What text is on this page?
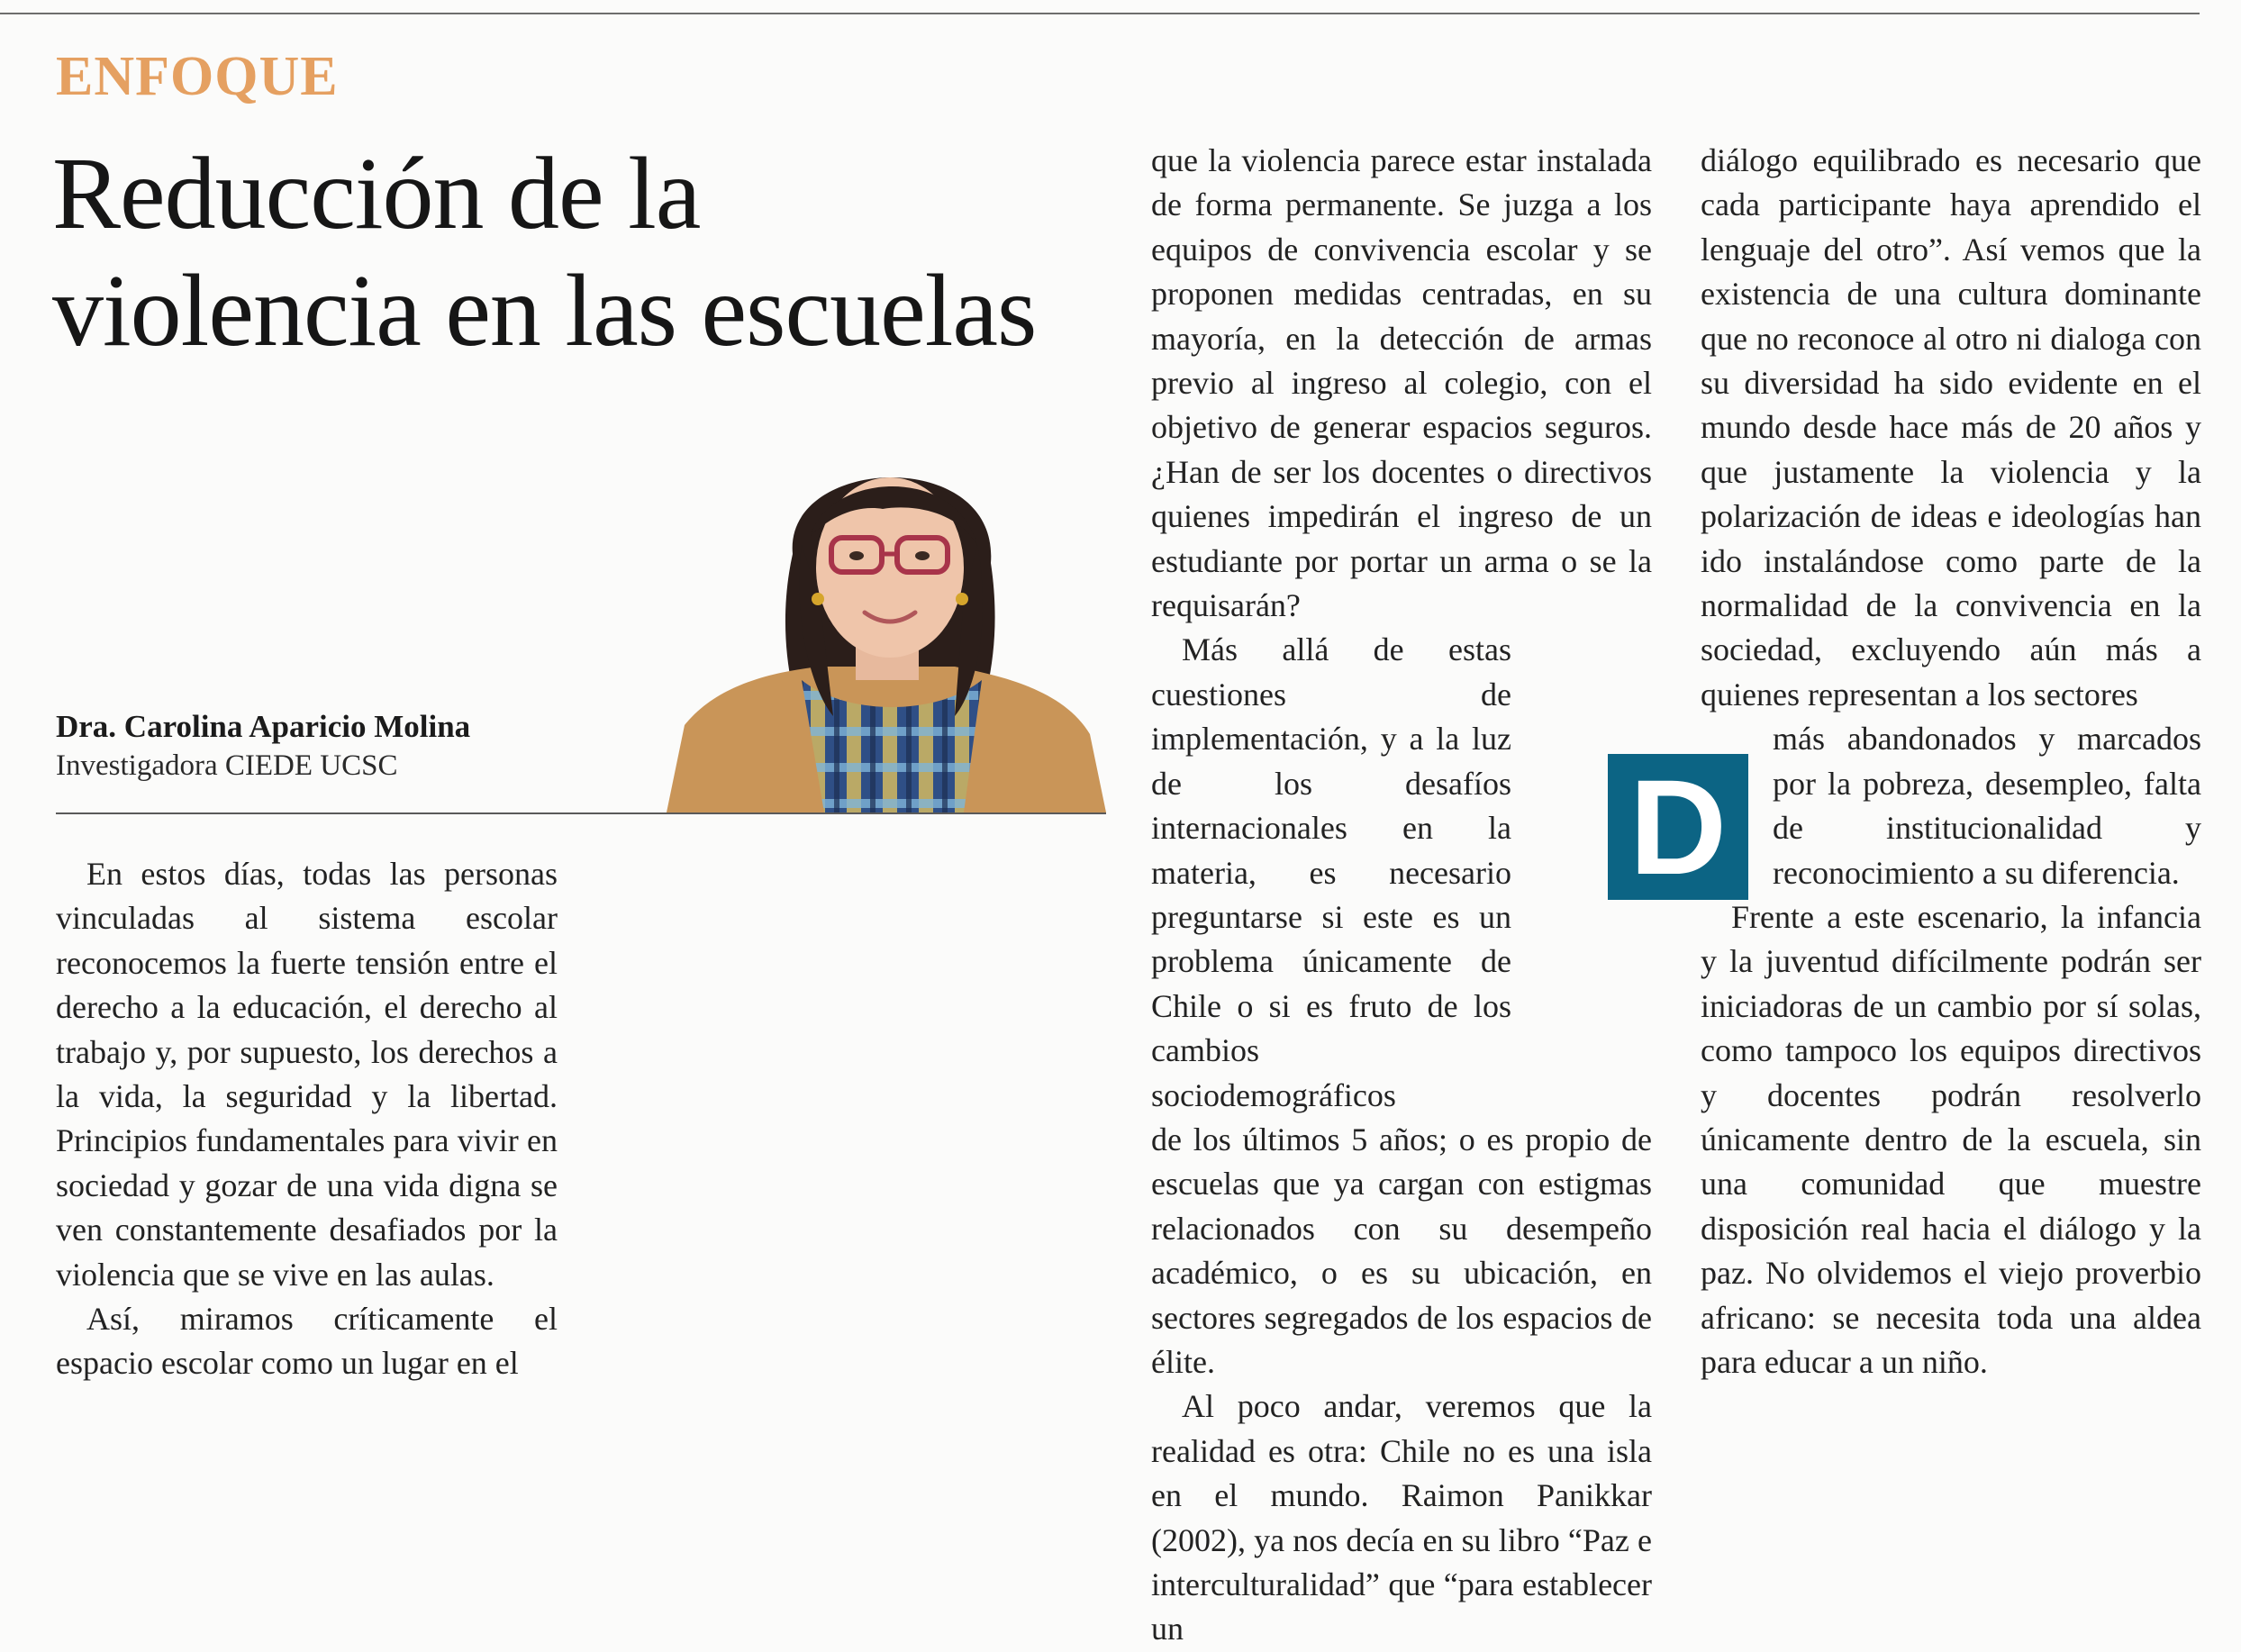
ENFOQUE
Reducción de la
violencia en las escuelas
Dra. Carolina Aparicio Molina
Investigadora CIEDE UCSC

En estos días, todas las personas vinculadas al sistema escolar reconocemos la fuerte tensión entre el derecho a la educación, el derecho al trabajo y, por supuesto, los derechos a la vida, la seguridad y la libertad. Principios fundamentales para vivir en sociedad y gozar de una vida digna se ven constantemente desafiados por la violencia que se vive en las aulas.

Así, miramos críticamente el espacio escolar como un lugar en el

que la violencia parece estar instalada de forma permanente. Se juzga a los equipos de convivencia escolar y se proponen medidas centradas, en su mayoría, en la detección de armas previo al ingreso al colegio, con el objetivo de generar espacios seguros. ¿Han de ser los docentes o directivos quienes impedirán el ingreso de un estudiante por portar un arma o se la requisarán?

Más allá de estas cuestiones de implementación, y a la luz de los desafíos internacionales en la materia, es necesario preguntarse si este es un problema únicamente de Chile o si es fruto de los cambios sociodemográficos
de los últimos 5 años; o es propio de escuelas que ya cargan con estigmas relacionados con su desempeño académico, o es su ubicación, en sectores segregados de los espacios de élite.

Al poco andar, veremos que la realidad es otra: Chile no es una isla en el mundo. Raimon Panikkar (2002), ya nos decía en su libro “Paz e interculturalidad” que “para establecer un

D

diálogo equilibrado es necesario que cada participante haya aprendido el lenguaje del otro”. Así vemos que la existencia de una cultura dominante que no reconoce al otro ni dialoga con su diversidad ha sido evidente en el mundo desde hace más de 20 años y que justamente la violencia y la polarización de ideas e ideologías han ido instalándose como parte de la normalidad de la convivencia en la sociedad, excluyendo aún más a quienes representan a los sectores
más abandonados y marcados por la pobreza, desempleo, falta de institucionalidad y reconocimiento a su diferencia.

Frente a este escenario, la infancia y la juventud difícilmente podrán ser iniciadoras de un cambio por sí solas, como tampoco los equipos directivos y docentes podrán resolverlo únicamente dentro de la escuela, sin una comunidad que muestre disposición real hacia el diálogo y la paz. No olvidemos el viejo proverbio africano: se necesita toda una aldea para educar a un niño.
